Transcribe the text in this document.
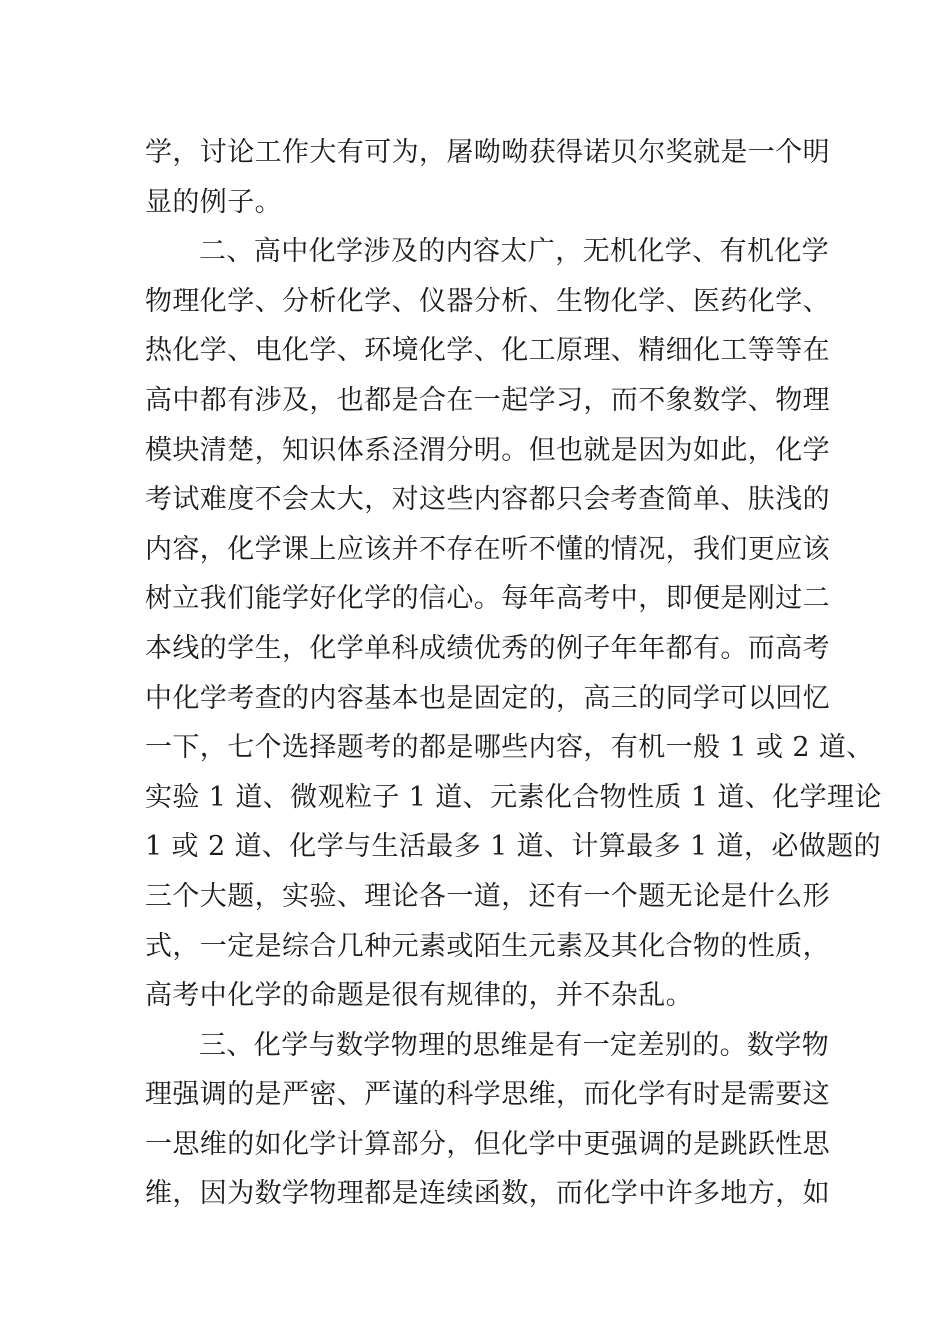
学，讨论工作大有可为，屠呦呦获得诺贝尔奖就是一个明
显的例子。
二、高中化学涉及的内容太广，无机化学、有机化学
物理化学、分析化学、仪器分析、生物化学、医药化学、
热化学、电化学、环境化学、化工原理、精细化工等等在
高中都有涉及，也都是合在一起学习，而不象数学、物理
模块清楚，知识体系泾渭分明。但也就是因为如此，化学
考试难度不会太大，对这些内容都只会考查简单、肤浅的
内容，化学课上应该并不存在听不懂的情况，我们更应该
树立我们能学好化学的信心。每年高考中，即便是刚过二
本线的学生，化学单科成绩优秀的例子年年都有。而高考
中化学考查的内容基本也是固定的，高三的同学可以回忆
一下，七个选择题考的都是哪些内容，有机一般 1 或 2 道、
实验 1 道、微观粒子 1 道、元素化合物性质 1 道、化学理论
1 或 2 道、化学与生活最多 1 道、计算最多 1 道，必做题的
三个大题，实验、理论各一道，还有一个题无论是什么形
式，一定是综合几种元素或陌生元素及其化合物的性质，
高考中化学的命题是很有规律的，并不杂乱。
三、化学与数学物理的思维是有一定差别的。数学物
理强调的是严密、严谨的科学思维，而化学有时是需要这
一思维的如化学计算部分，但化学中更强调的是跳跃性思
维，因为数学物理都是连续函数，而化学中许多地方，如
